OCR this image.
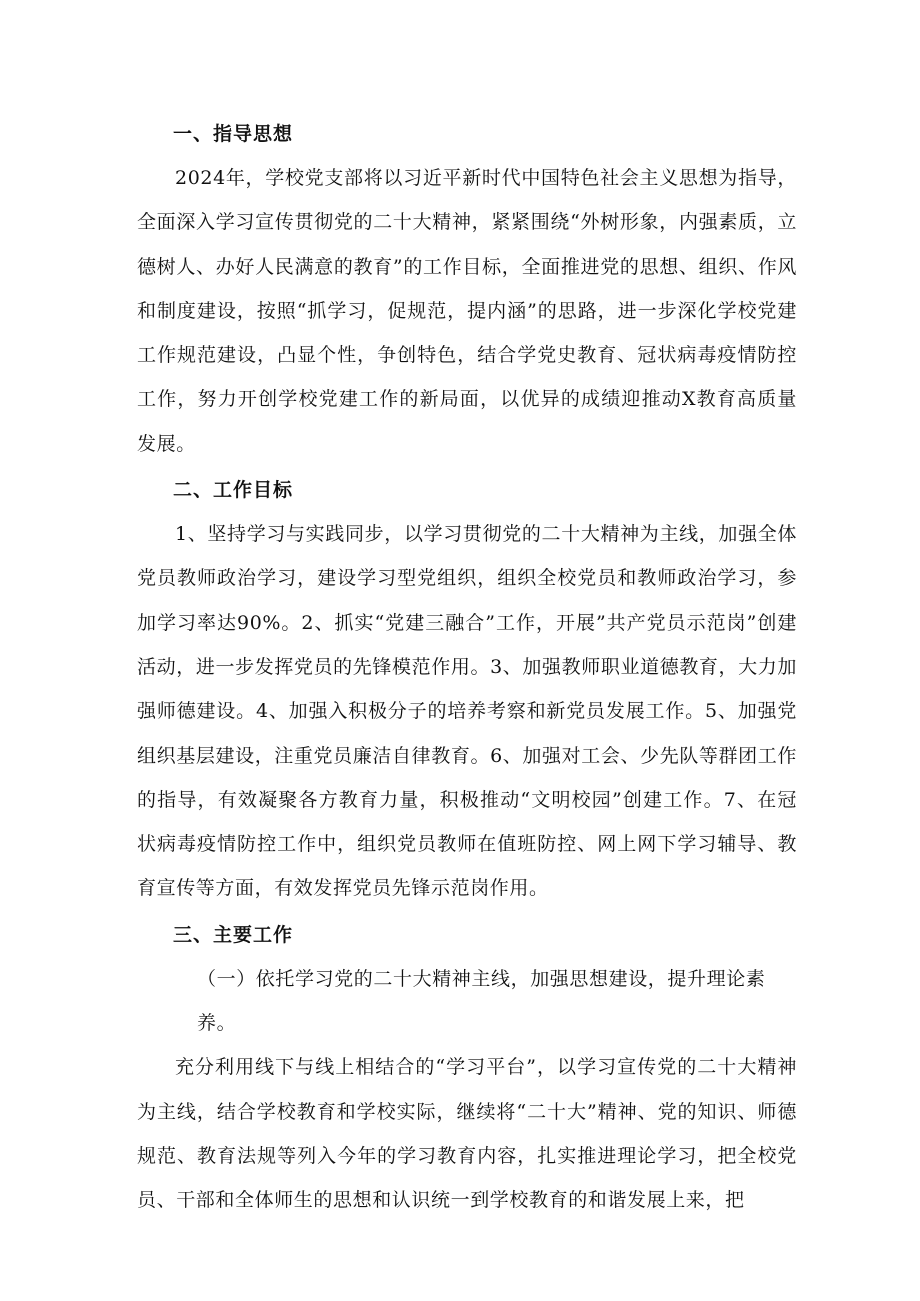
一、指导思想

2024年，学校党支部将以习近平新时代中国特色社会主义思想为指导，全面深入学习宣传贯彻党的二十大精神，紧紧围绕“外树形象，内强素质，立德树人、办好人民满意的教育”的工作目标，全面推进党的思想、组织、作风和制度建设，按照“抓学习，促规范，提内涵”的思路，进一步深化学校党建工作规范建设，凸显个性，争创特色，结合学党史教育、冠状病毒疫情防控工作，努力开创学校党建工作的新局面，以优异的成绩迎推动X教育高质量发展。

二、工作目标

1、坚持学习与实践同步，以学习贯彻党的二十大精神为主线，加强全体党员教师政治学习，建设学习型党组织，组织全校党员和教师政治学习，参加学习率达90%。2、抓实“党建三融合”工作，开展”共产党员示范岗”创建活动，进一步发挥党员的先锋模范作用。3、加强教师职业道德教育，大力加强师德建设。4、加强入积极分子的培养考察和新党员发展工作。5、加强党组织基层建设，注重党员廉洁自律教育。6、加强对工会、少先队等群团工作的指导，有效凝聚各方教育力量，积极推动“文明校园”创建工作。7、在冠状病毒疫情防控工作中，组织党员教师在值班防控、网上网下学习辅导、教育宣传等方面，有效发挥党员先锋示范岗作用。

三、主要工作

（一）依托学习党的二十大精神主线，加强思想建设，提升理论素养。

充分利用线下与线上相结合的“学习平台”，以学习宣传党的二十大精神为主线，结合学校教育和学校实际，继续将“二十大”精神、党的知识、师德规范、教育法规等列入今年的学习教育内容，扎实推进理论学习，把全校党员、干部和全体师生的思想和认识统一到学校教育的和谐发展上来，把
